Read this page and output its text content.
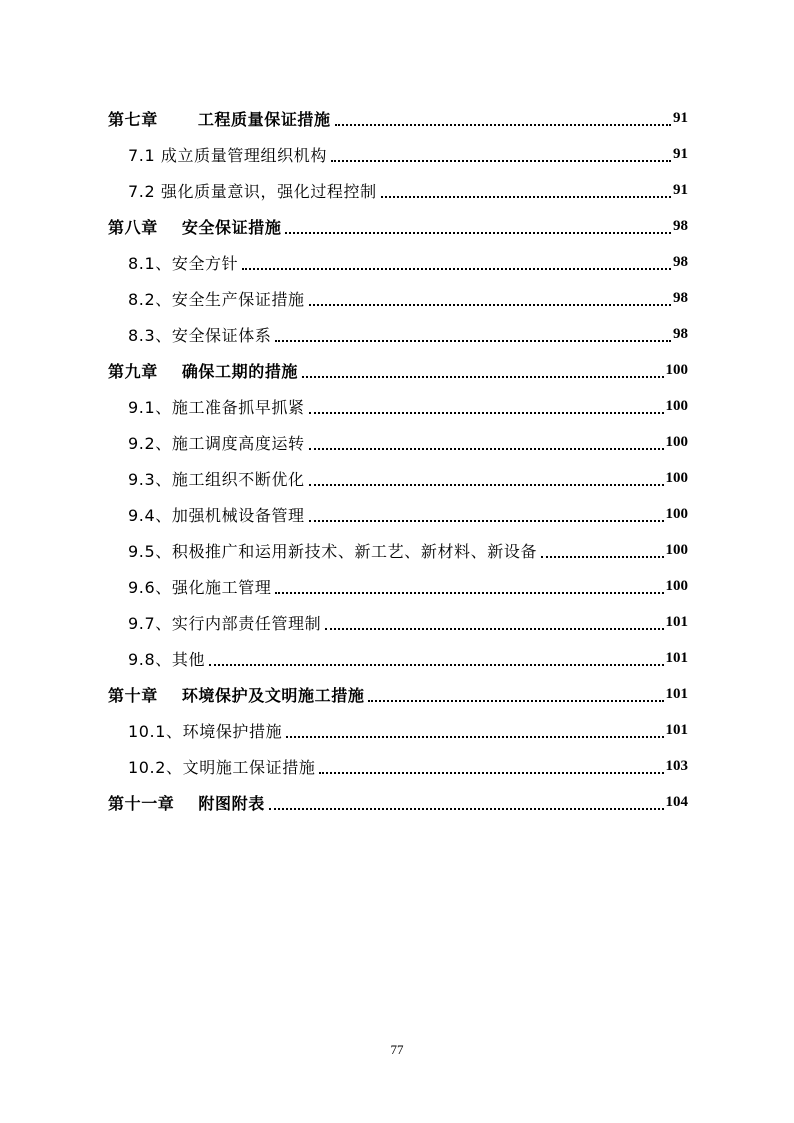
第七章	工程质量保证措施	91
7.1 成立质量管理组织机构	91
7.2 强化质量意识，强化过程控制	91
第八章 安全保证措施	98
8.1、安全方针	98
8.2、安全生产保证措施	98
8.3、安全保证体系	98
第九章 确保工期的措施	100
9.1、施工准备抓早抓紧	100
9.2、施工调度高度运转	100
9.3、施工组织不断优化	100
9.4、加强机械设备管理	100
9.5、积极推广和运用新技术、新工艺、新材料、新设备	100
9.6、强化施工管理	100
9.7、实行内部责任管理制	101
9.8、其他	101
第十章 环境保护及文明施工措施	101
10.1、环境保护措施	101
10.2、文明施工保证措施	103
第十一章 附图附表	104
77
